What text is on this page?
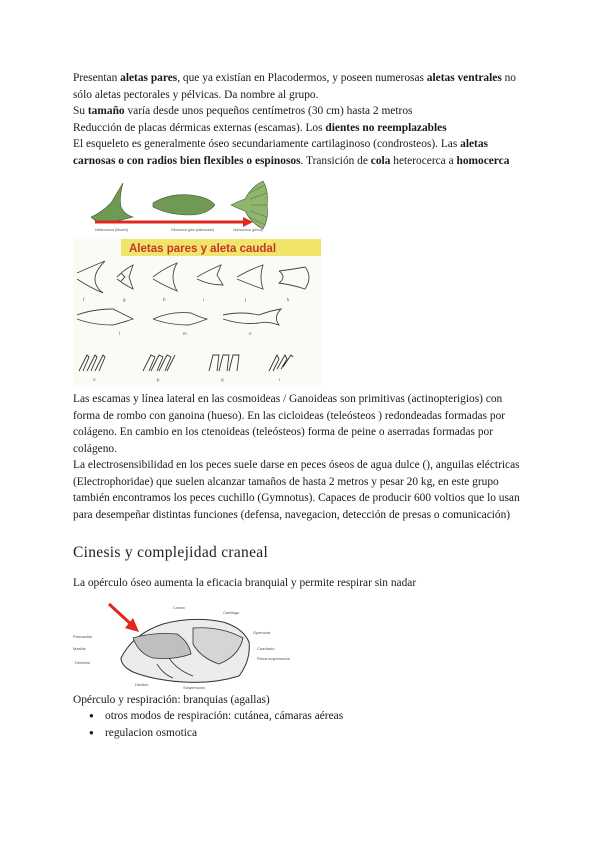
Presentan aletas pares, que ya existían en Placodermos, y poseen numerosas aletas ventrales no sólo aletas pectorales y pélvicas. Da nombre al grupo.

Su tamaño varía desde unos pequeños centímetros (30 cm) hasta 2 metros

Reducción de placas dérmicas externas (escamas). Los dientes no reemplazables

El esqueleto es generalmente óseo secundariamente cartilaginoso (condrosteos). Las aletas carnosas o con radios bien flexibles o espinosos. Transición de cola heterocerca a homocerca

Heterocerca (tiburón)	Ginocerca (pez pulmonado)	Homocerca (perca)
Aletas pares y aleta caudal
f	g	h	i	j	k
l	m	n
o	p	q	r

Las escamas y línea lateral en las cosmoideas / Ganoideas son primitivas (actinopterigios) con forma de rombo con ganoina (hueso). En las cicloideas (teleósteos ) redondeadas formadas por colágeno. En cambio en los ctenoideas (teleósteos) forma de peine o aserradas formadas por colágeno.

La electrosensibilidad en los peces suele darse en peces óseos de agua dulce (), anguilas eléctricas (Electrophoridae) que suelen alcanzar tamaños de hasta 2 metros y pesar 20 kg, en este grupo también encontramos los peces cuchillo (Gymnotus). Capaces de producir 600 voltios que lo usan para desempeñar distintas funciones (defensa, navegacion, detección de presas o comunicación)

Cinesis y complejidad craneal

La opérculo óseo aumenta la eficacia branquial y permite respirar sin nadar

Cranio
Premaxilar
Maxilar
Opercular
Dentario
Cuadrado
Hioides
Placa suspensoria
Suspensorio
Cartílago

Opérculo y respiración: branquias (agallas)

● otros modos de respiración: cutánea, cámaras aéreas
● regulacion osmotica
